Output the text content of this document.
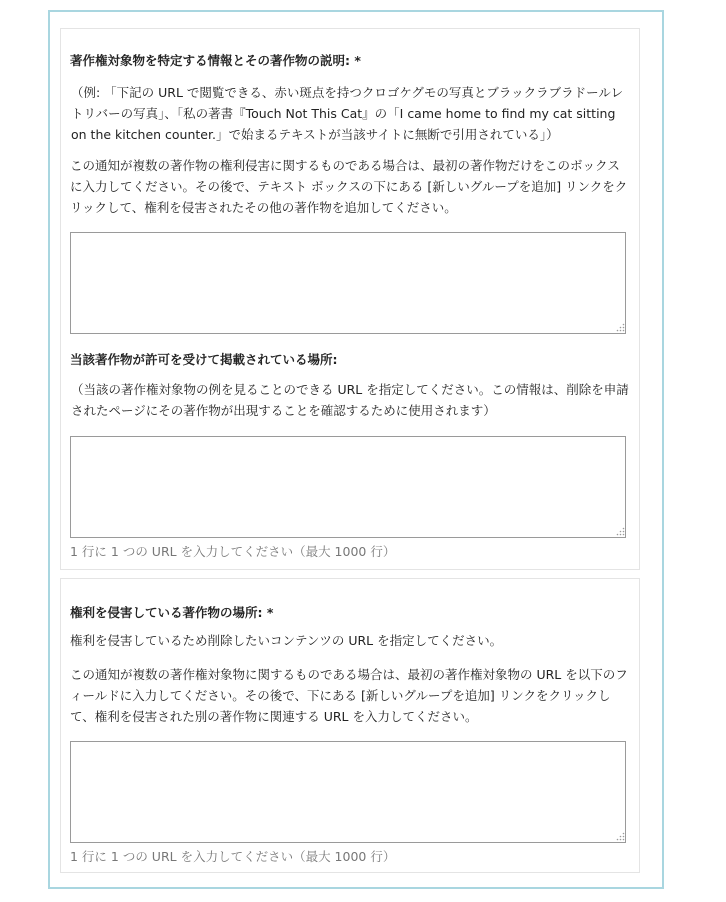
著作権対象物を特定する情報とその著作物の説明: *
（例: 「下記の URL で閲覧できる、赤い斑点を持つクロゴケグモの写真とブラックラブラドールレトリバーの写真」、「私の著書『Touch Not This Cat』の「I came home to find my cat sitting on the kitchen counter.」で始まるテキストが当該サイトに無断で引用されている」）
この通知が複数の著作物の権利侵害に関するものである場合は、最初の著作物だけをこのボックスに入力してください。その後で、テキスト ボックスの下にある [新しいグループを追加] リンクをクリックして、権利を侵害されたその他の著作物を追加してください。
当該著作物が許可を受けて掲載されている場所:
（当該の著作権対象物の例を見ることのできる URL を指定してください。この情報は、削除を申請されたページにその著作物が出現することを確認するために使用されます）
1 行に 1 つの URL を入力してください（最大 1000 行）
権利を侵害している著作物の場所: *
権利を侵害しているため削除したいコンテンツの URL を指定してください。
この通知が複数の著作権対象物に関するものである場合は、最初の著作権対象物の URL を以下のフィールドに入力してください。その後で、下にある [新しいグループを追加] リンクをクリックして、権利を侵害された別の著作物に関連する URL を入力してください。
1 行に 1 つの URL を入力してください（最大 1000 行）
